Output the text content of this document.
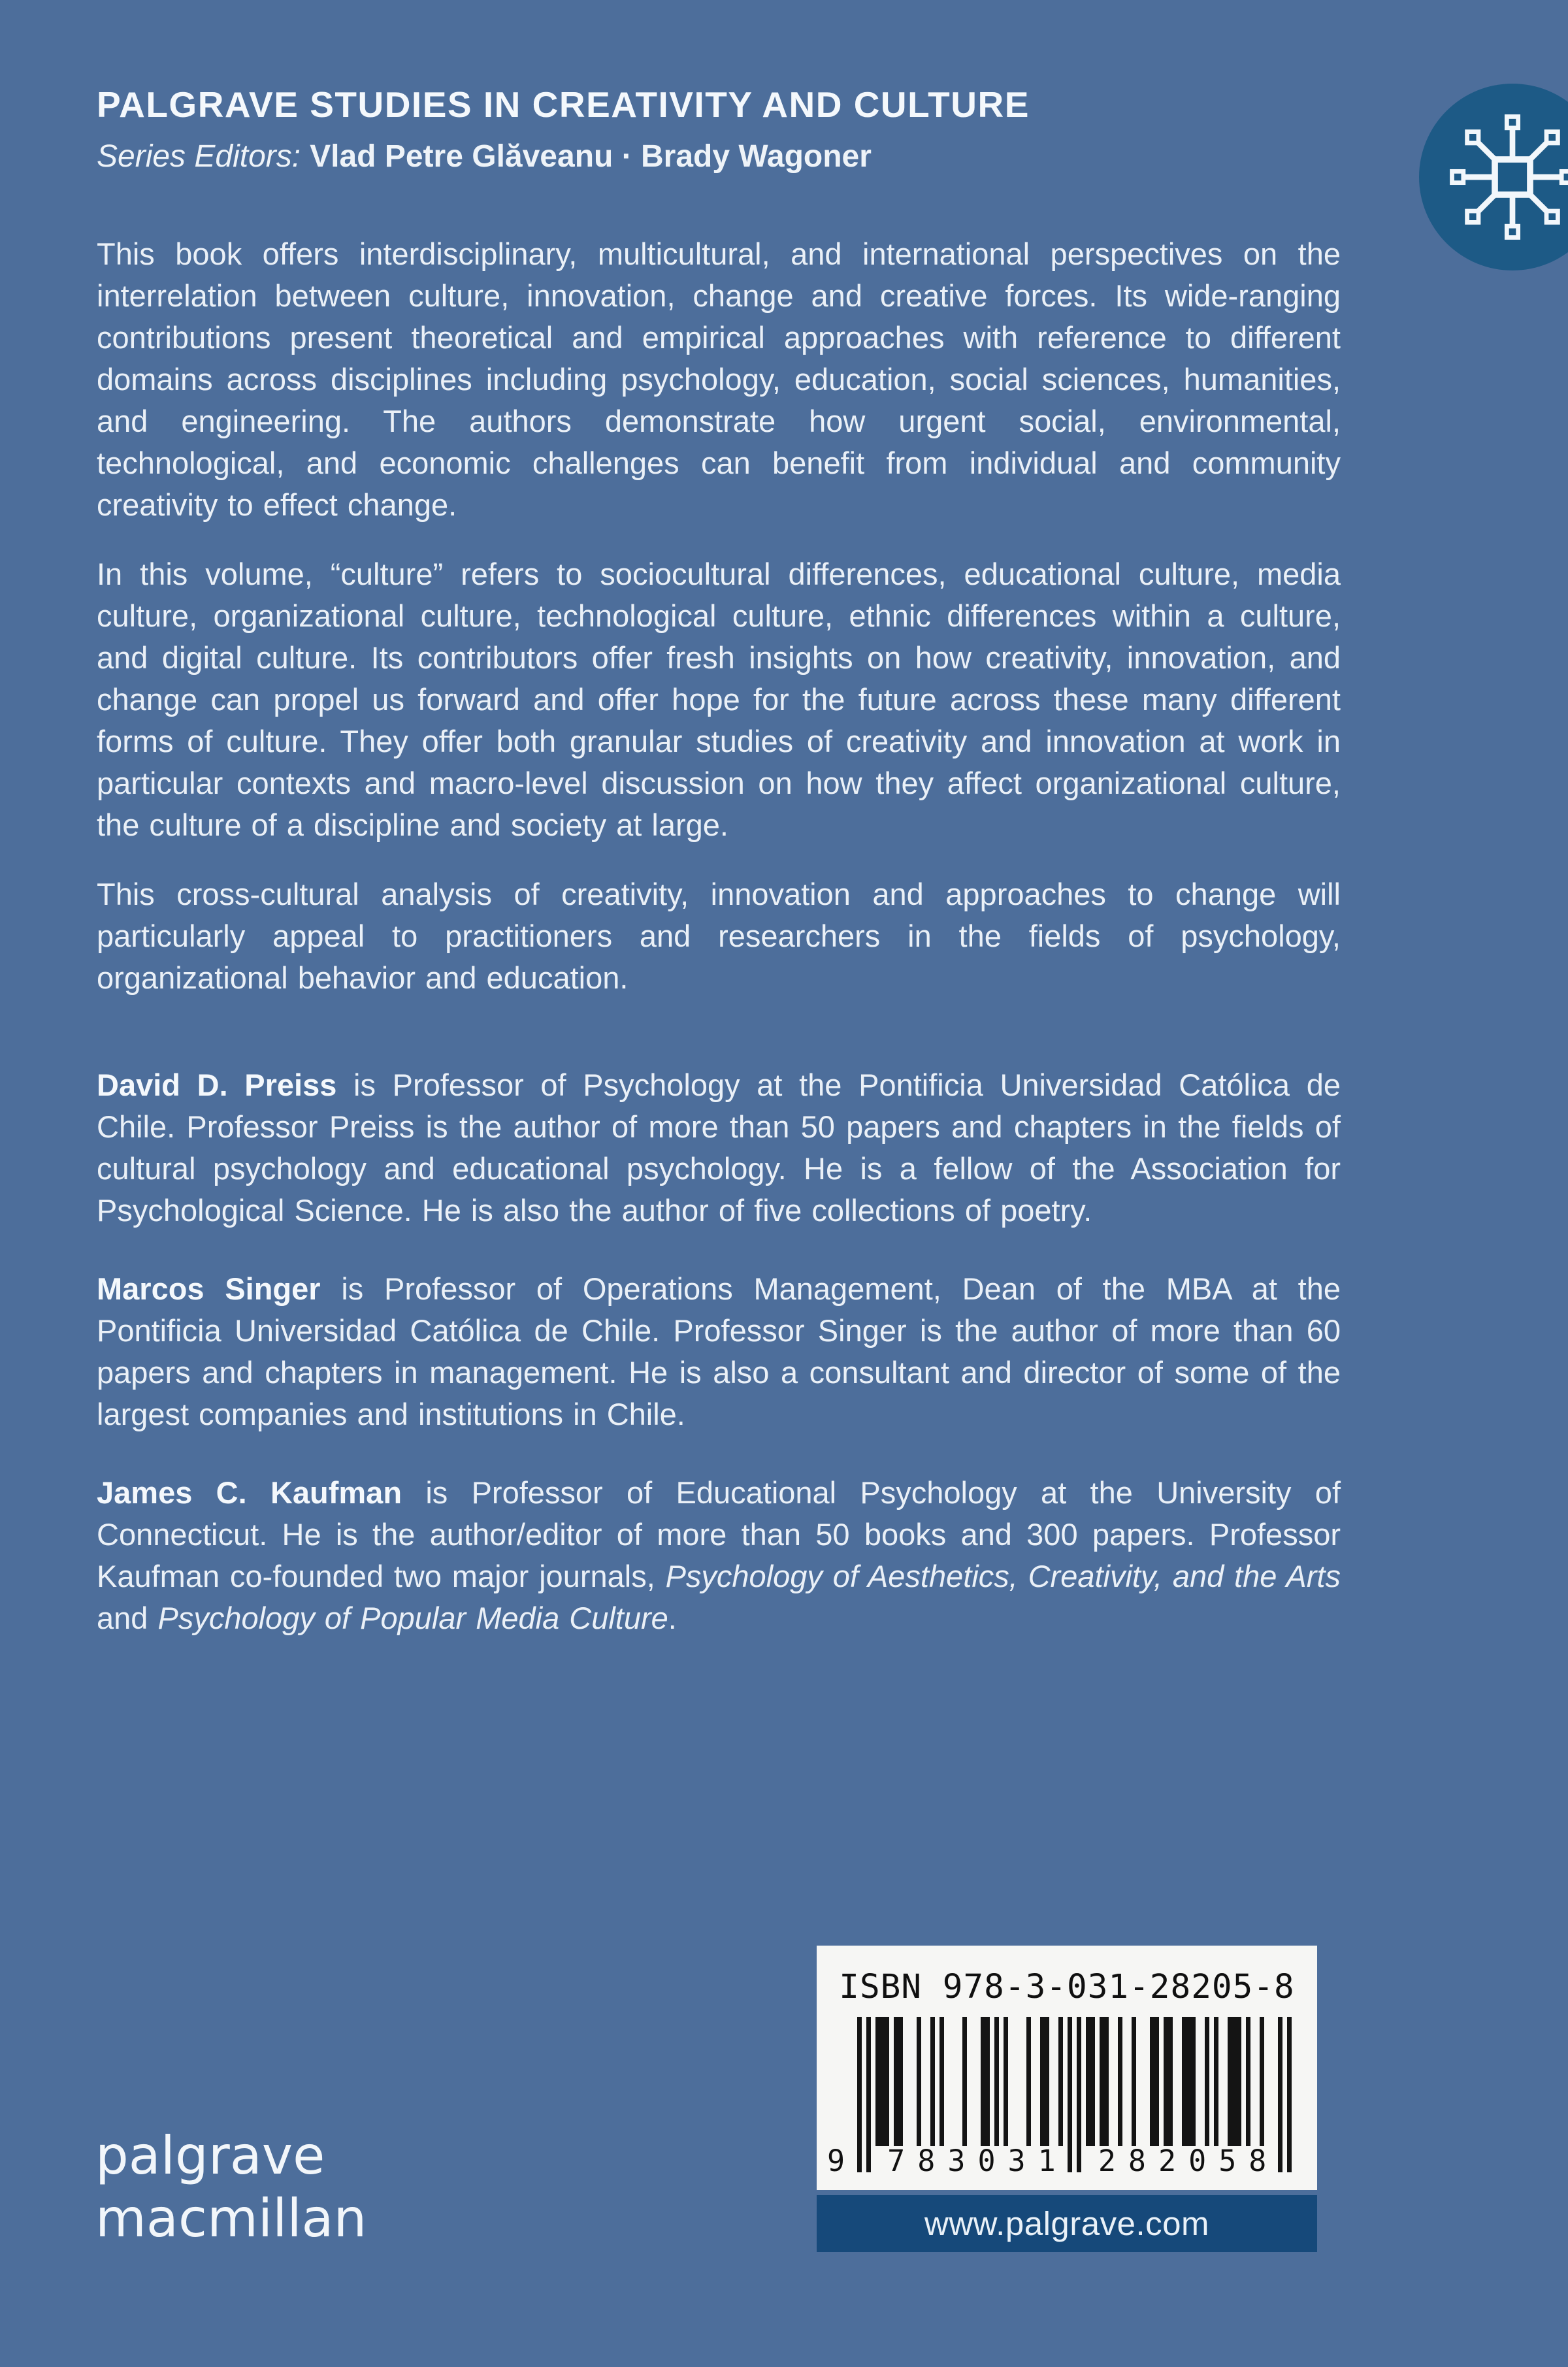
PALGRAVE STUDIES IN CREATIVITY AND CULTURE

Series Editors: Vlad Petre Glăveanu · Brady Wagoner

This book offers interdisciplinary, multicultural, and international perspectives on the interrelation between culture, innovation, change and creative forces. Its wide-ranging contributions present theoretical and empirical approaches with reference to different domains across disciplines including psychology, education, social sciences, humanities, and engineering. The authors demonstrate how urgent social, environmental, technological, and economic challenges can benefit from individual and community creativity to effect change.

In this volume, “culture” refers to sociocultural differences, educational culture, media culture, organizational culture, technological culture, ethnic differences within a culture, and digital culture. Its contributors offer fresh insights on how creativity, innovation, and change can propel us forward and offer hope for the future across these many different forms of culture. They offer both granular studies of creativity and innovation at work in particular contexts and macro-level discussion on how they affect organizational culture, the culture of a discipline and society at large.

This cross-cultural analysis of creativity, innovation and approaches to change will particularly appeal to practitioners and researchers in the fields of psychology, organizational behavior and education.

David D. Preiss is Professor of Psychology at the Pontificia Universidad Católica de Chile. Professor Preiss is the author of more than 50 papers and chapters in the fields of cultural psychology and educational psychology. He is a fellow of the Association for Psychological Science. He is also the author of five collections of poetry.

Marcos Singer is Professor of Operations Management, Dean of the MBA at the Pontificia Universidad Católica de Chile. Professor Singer is the author of more than 60 papers and chapters in management. He is also a consultant and director of some of the largest companies and institutions in Chile.

James C. Kaufman is Professor of Educational Psychology at the University of Connecticut. He is the author/editor of more than 50 books and 300 papers. Professor Kaufman co-founded two major journals, Psychology of Aesthetics, Creativity, and the Arts and Psychology of Popular Media Culture.

ISBN 978-3-031-28205-8

9 783031 282058
www.palgrave.com
palgrave
macmillan
